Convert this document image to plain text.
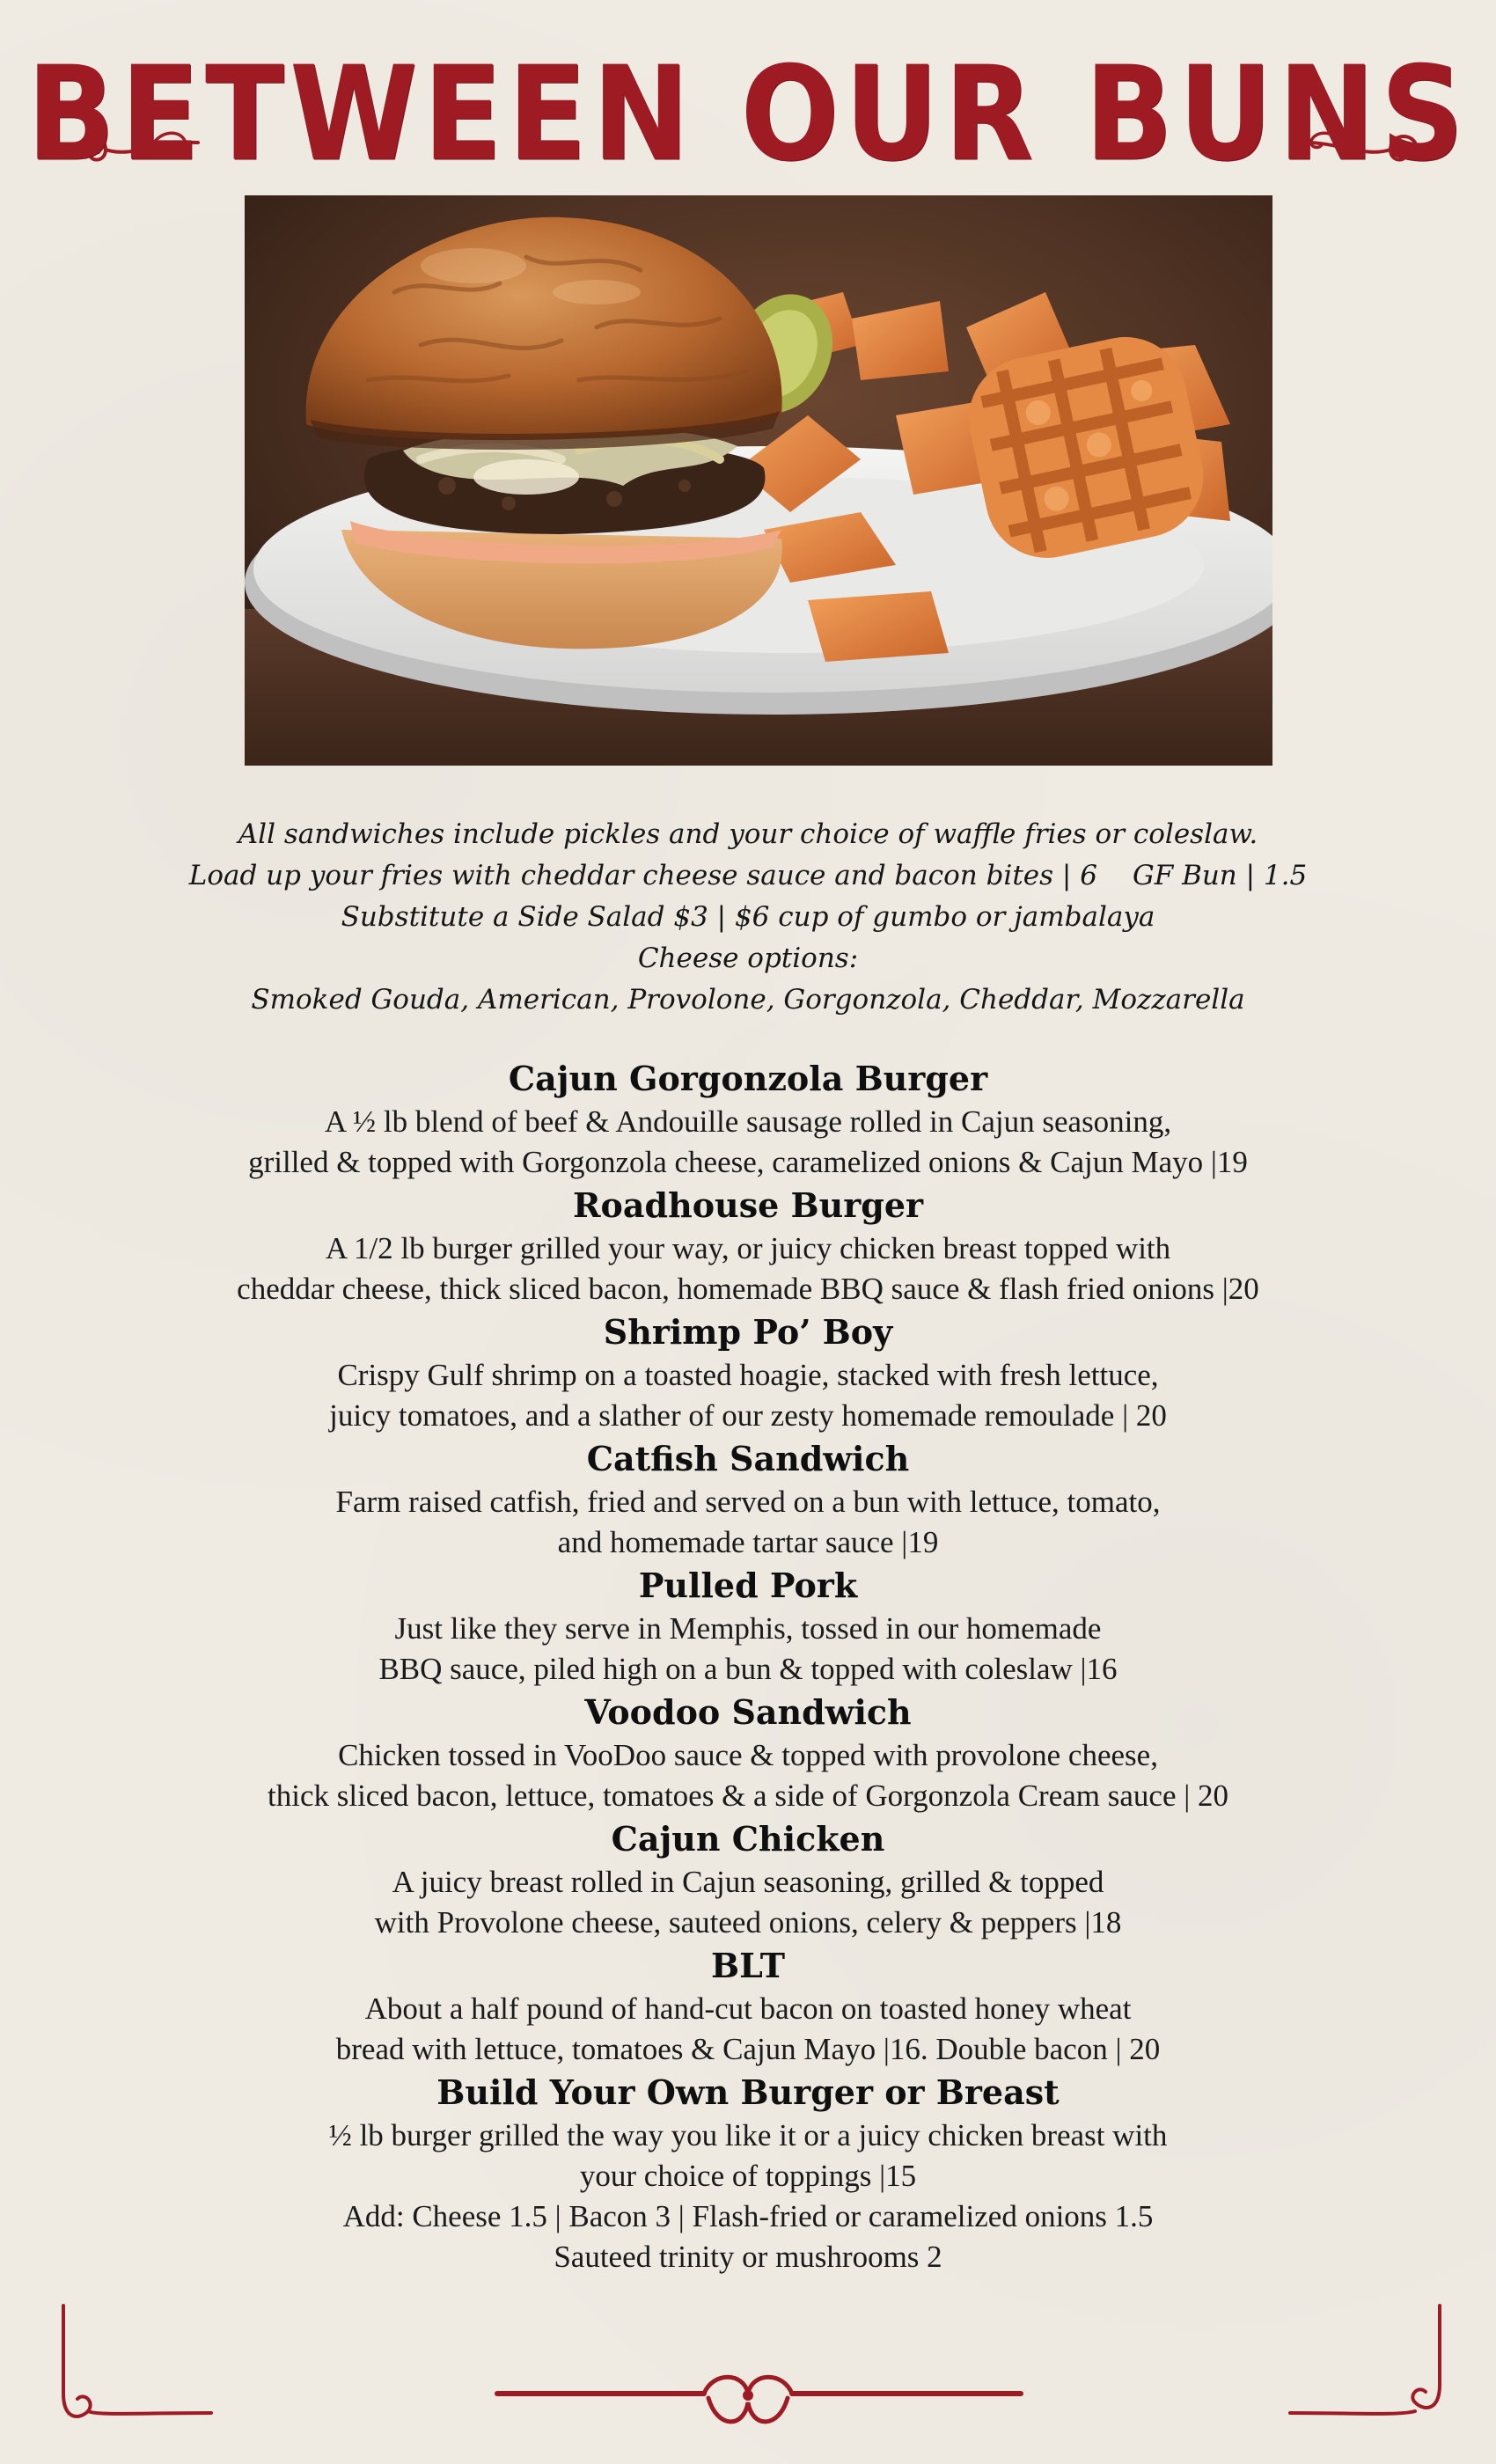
BETWEEN OUR BUNS
All sandwiches include pickles and your choice of waffle fries or coleslaw.
Load up your fries with cheddar cheese sauce and bacon bites | 6 GF Bun | 1.5
Substitute a Side Salad $3 | $6 cup of gumbo or jambalaya
Cheese options:
Smoked Gouda, American, Provolone, Gorgonzola, Cheddar, Mozzarella
Cajun Gorgonzola Burger
A ½ lb blend of beef & Andouille sausage rolled in Cajun seasoning,
grilled & topped with Gorgonzola cheese, caramelized onions & Cajun Mayo |19
Roadhouse Burger
A 1/2 lb burger grilled your way, or juicy chicken breast topped with
cheddar cheese, thick sliced bacon, homemade BBQ sauce & flash fried onions |20
Shrimp Po’ Boy
Crispy Gulf shrimp on a toasted hoagie, stacked with fresh lettuce,
juicy tomatoes, and a slather of our zesty homemade remoulade | 20
Catfish Sandwich
Farm raised catfish, fried and served on a bun with lettuce, tomato,
and homemade tartar sauce |19
Pulled Pork
Just like they serve in Memphis, tossed in our homemade
BBQ sauce, piled high on a bun & topped with coleslaw |16
Voodoo Sandwich
Chicken tossed in VooDoo sauce & topped with provolone cheese,
thick sliced bacon, lettuce, tomatoes & a side of Gorgonzola Cream sauce | 20
Cajun Chicken
A juicy breast rolled in Cajun seasoning, grilled & topped
with Provolone cheese, sauteed onions, celery & peppers |18
BLT
About a half pound of hand-cut bacon on toasted honey wheat
bread with lettuce, tomatoes & Cajun Mayo |16. Double bacon | 20
Build Your Own Burger or Breast
½ lb burger grilled the way you like it or a juicy chicken breast with
your choice of toppings |15
Add: Cheese 1.5 | Bacon 3 | Flash-fried or caramelized onions 1.5
Sauteed trinity or mushrooms 2
